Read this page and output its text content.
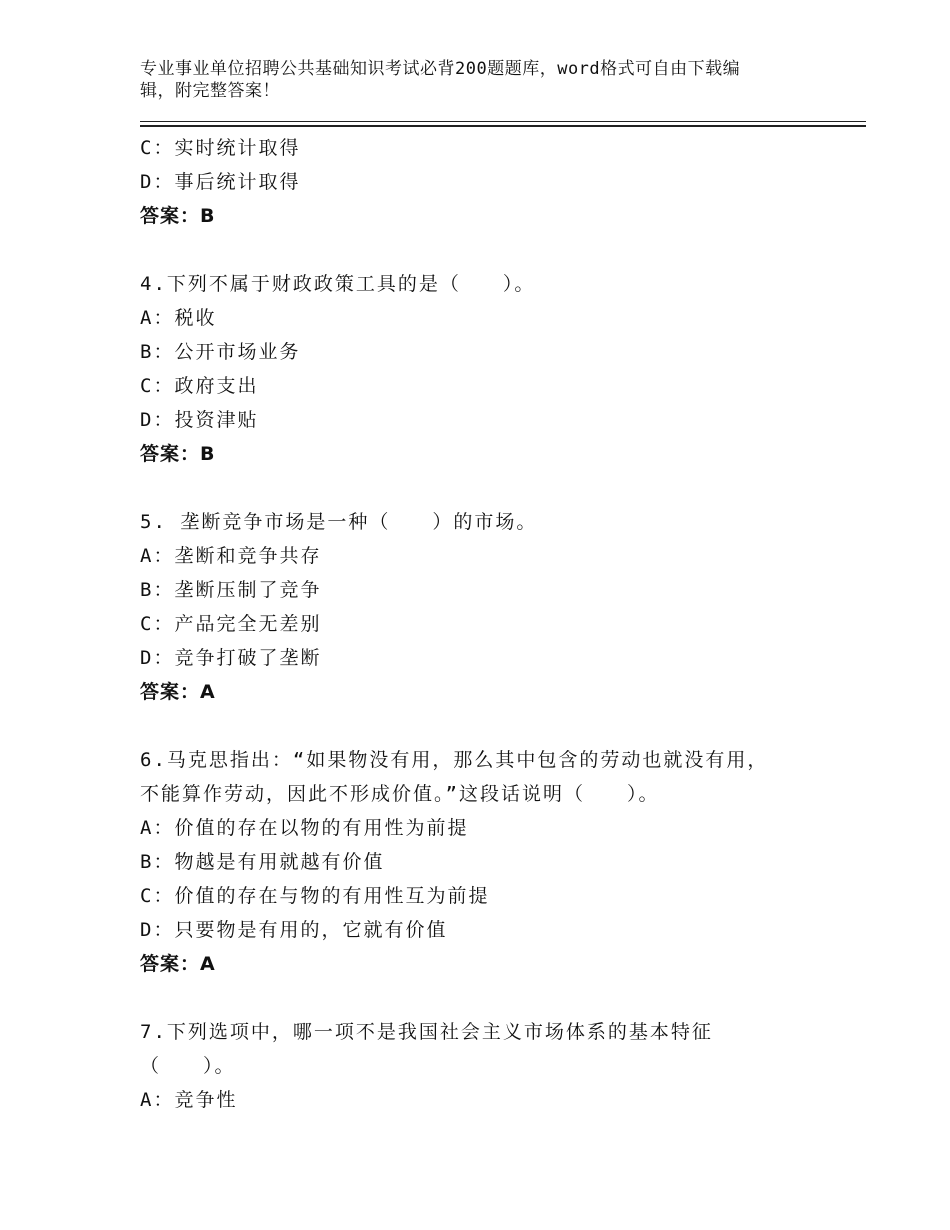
专业事业单位招聘公共基础知识考试必背200题题库，word格式可自由下载编
辑，附完整答案！
C：实时统计取得
D：事后统计取得
答案：B
4.下列不属于财政政策工具的是（　　）。
A：税收
B：公开市场业务
C：政府支出
D：投资津贴
答案：B
5. 垄断竞争市场是一种（　　）的市场。
A：垄断和竞争共存
B：垄断压制了竞争
C：产品完全无差别
D：竞争打破了垄断
答案：A
6.马克思指出：“如果物没有用，那么其中包含的劳动也就没有用，
不能算作劳动，因此不形成价值。”这段话说明（　　）。
A：价值的存在以物的有用性为前提
B：物越是有用就越有价值
C：价值的存在与物的有用性互为前提
D：只要物是有用的，它就有价值
答案：A
7.下列选项中，哪一项不是我国社会主义市场体系的基本特征
（　　）。
A：竞争性
